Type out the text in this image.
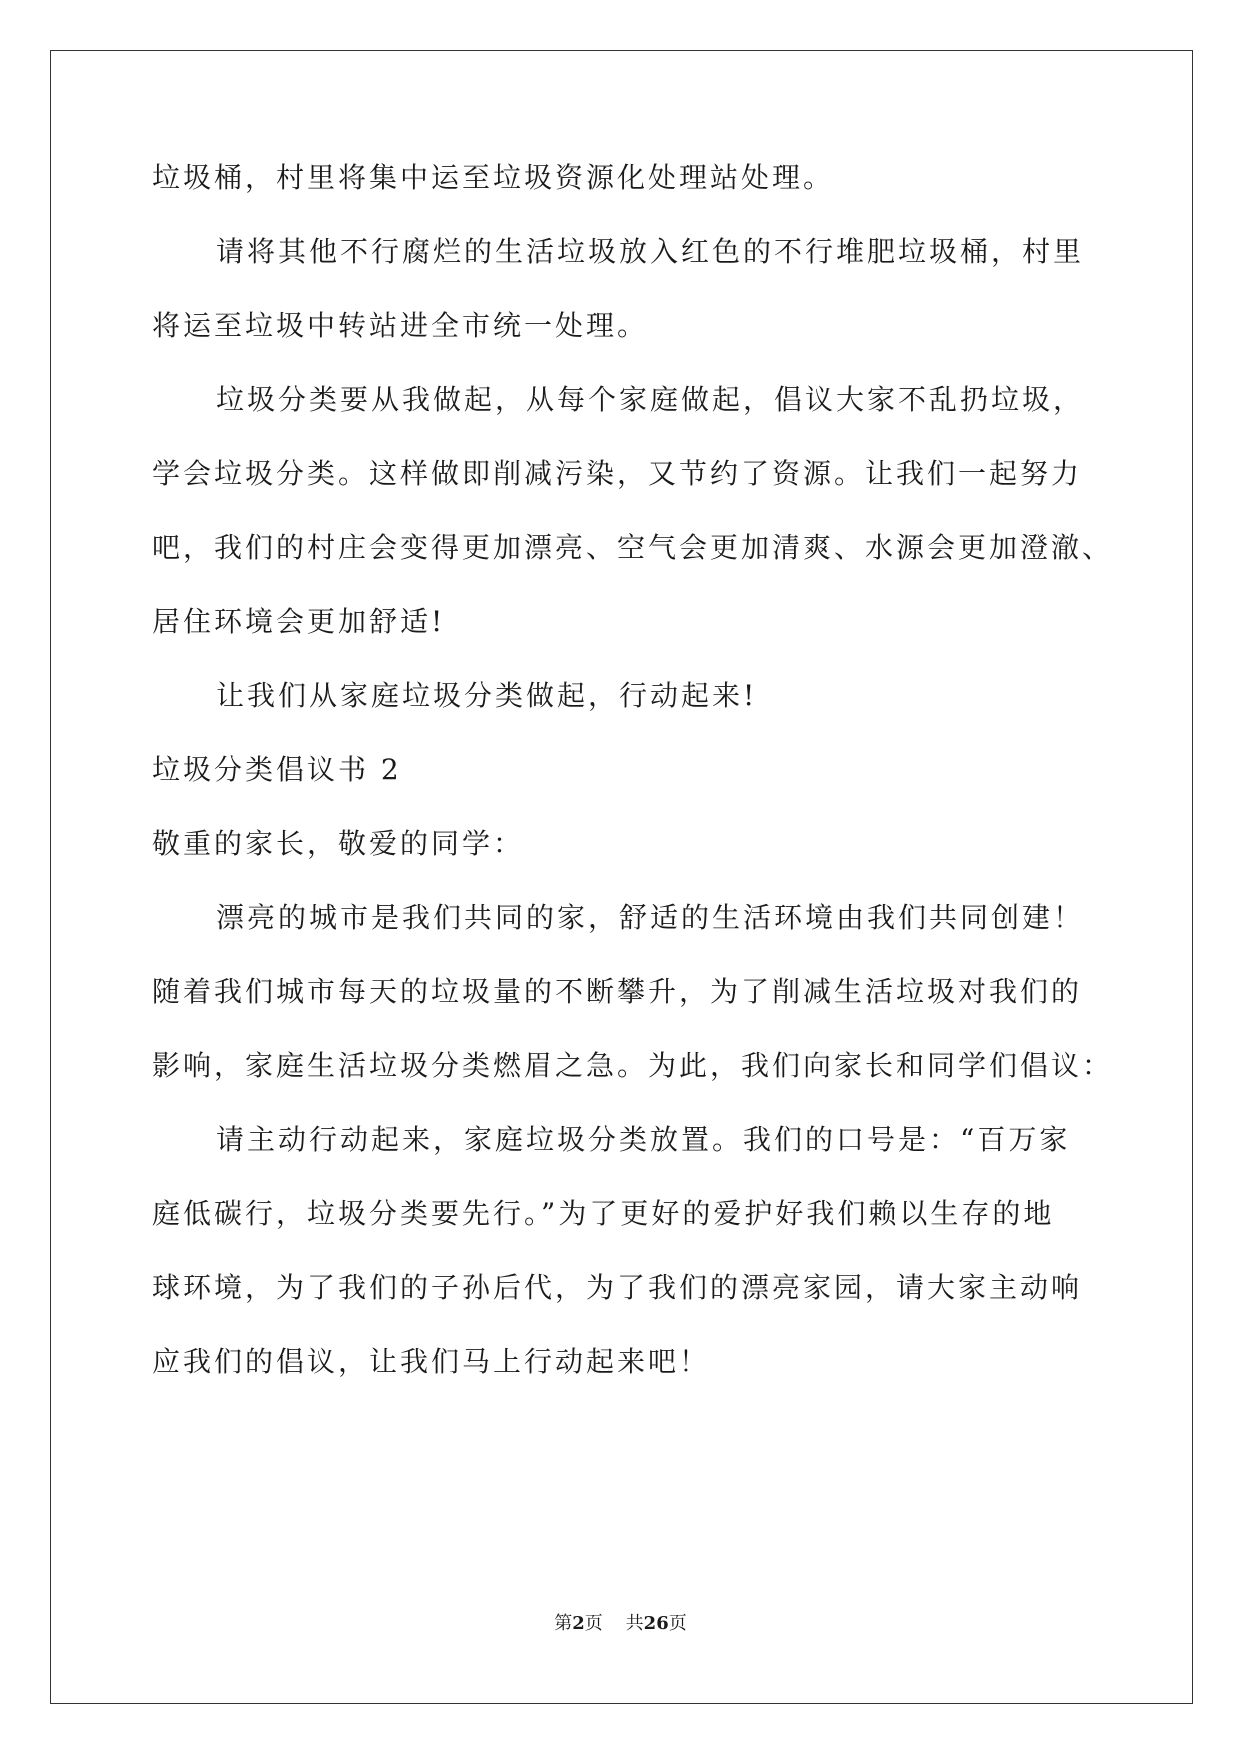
垃圾桶，村里将集中运至垃圾资源化处理站处理。
请将其他不行腐烂的生活垃圾放入红色的不行堆肥垃圾桶，村里
将运至垃圾中转站进全市统一处理。
垃圾分类要从我做起，从每个家庭做起，倡议大家不乱扔垃圾，
学会垃圾分类。这样做即削减污染，又节约了资源。让我们一起努力
吧，我们的村庄会变得更加漂亮、空气会更加清爽、水源会更加澄澈、
居住环境会更加舒适!
让我们从家庭垃圾分类做起，行动起来!
垃圾分类倡议书 2
敬重的家长，敬爱的同学：
漂亮的城市是我们共同的家，舒适的生活环境由我们共同创建！
随着我们城市每天的垃圾量的不断攀升，为了削减生活垃圾对我们的
影响，家庭生活垃圾分类燃眉之急。为此，我们向家长和同学们倡议：
请主动行动起来，家庭垃圾分类放置。我们的口号是：“百万家
庭低碳行，垃圾分类要先行。”为了更好的爱护好我们赖以生存的地
球环境，为了我们的子孙后代，为了我们的漂亮家园，请大家主动响
应我们的倡议，让我们马上行动起来吧！
第2页 共26页
